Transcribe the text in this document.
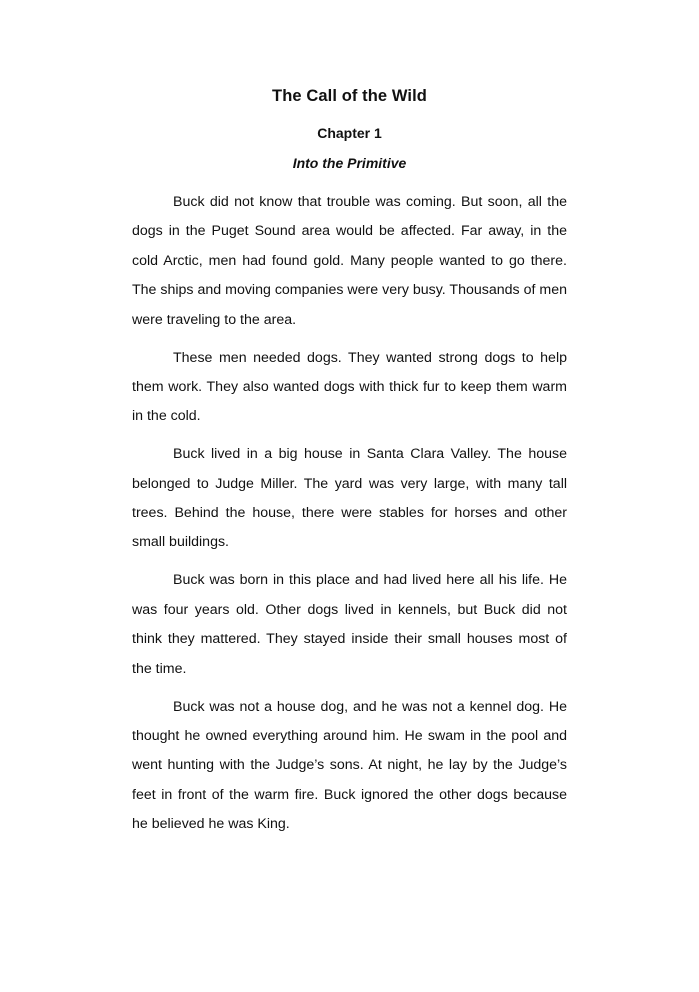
The Call of the Wild
Chapter 1
Into the Primitive

Buck did not know that trouble was coming. But soon, all the dogs in the Puget Sound area would be affected. Far away, in the cold Arctic, men had found gold. Many people wanted to go there. The ships and moving companies were very busy. Thousands of men were traveling to the area.

These men needed dogs. They wanted strong dogs to help them work. They also wanted dogs with thick fur to keep them warm in the cold.

Buck lived in a big house in Santa Clara Valley. The house belonged to Judge Miller. The yard was very large, with many tall trees. Behind the house, there were stables for horses and other small buildings.

Buck was born in this place and had lived here all his life. He was four years old. Other dogs lived in kennels, but Buck did not think they mattered. They stayed inside their small houses most of the time.

Buck was not a house dog, and he was not a kennel dog. He thought he owned everything around him. He swam in the pool and went hunting with the Judge’s sons. At night, he lay by the Judge’s feet in front of the warm fire. Buck ignored the other dogs because he believed he was King.
